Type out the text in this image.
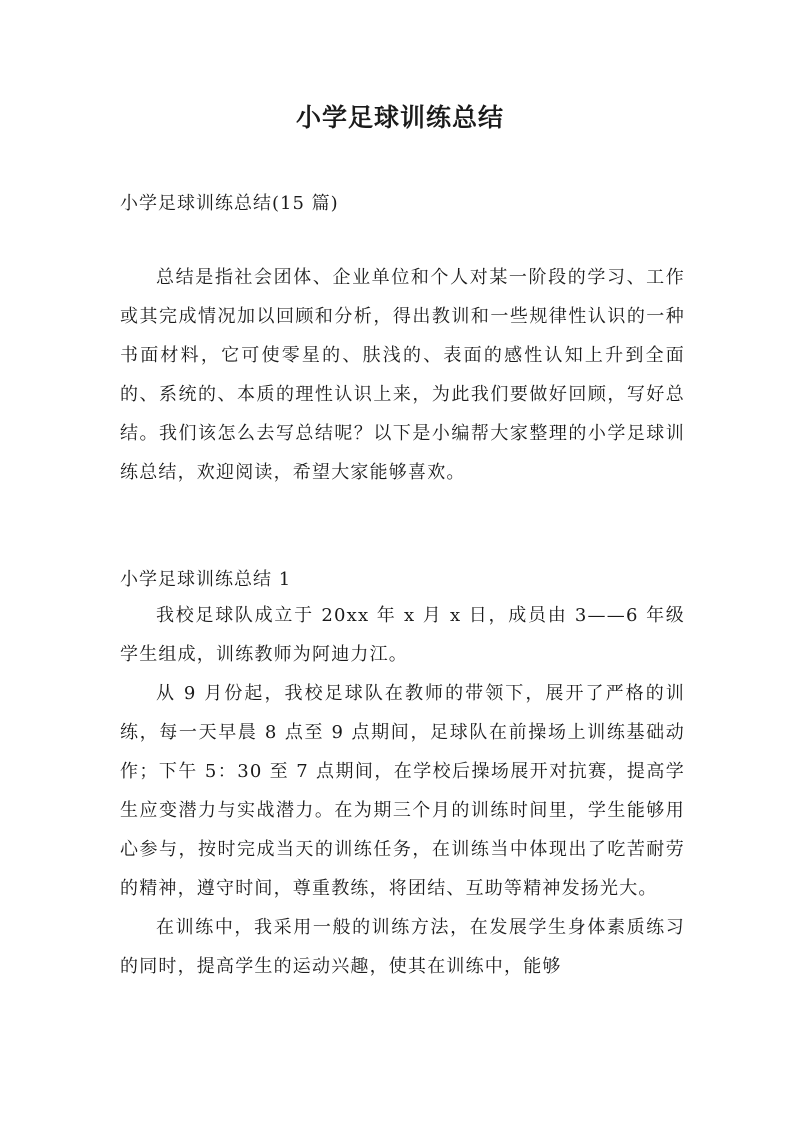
小学足球训练总结
小学足球训练总结(15 篇)

总结是指社会团体、企业单位和个人对某一阶段的学习、工作或其完成情况加以回顾和分析，得出教训和一些规律性认识的一种书面材料，它可使零星的、肤浅的、表面的感性认知上升到全面的、系统的、本质的理性认识上来，为此我们要做好回顾，写好总结。我们该怎么去写总结呢？以下是小编帮大家整理的小学足球训练总结，欢迎阅读，希望大家能够喜欢。

小学足球训练总结 1

我校足球队成立于 20xx 年 x 月 x 日，成员由 3——6 年级学生组成，训练教师为阿迪力江。

从 9 月份起，我校足球队在教师的带领下，展开了严格的训练，每一天早晨 8 点至 9 点期间，足球队在前操场上训练基础动作；下午 5：30 至 7 点期间，在学校后操场展开对抗赛，提高学生应变潜力与实战潜力。在为期三个月的训练时间里，学生能够用心参与，按时完成当天的训练任务，在训练当中体现出了吃苦耐劳的精神，遵守时间，尊重教练，将团结、互助等精神发扬光大。

在训练中，我采用一般的训练方法，在发展学生身体素质练习的同时，提高学生的运动兴趣，使其在训练中，能够
